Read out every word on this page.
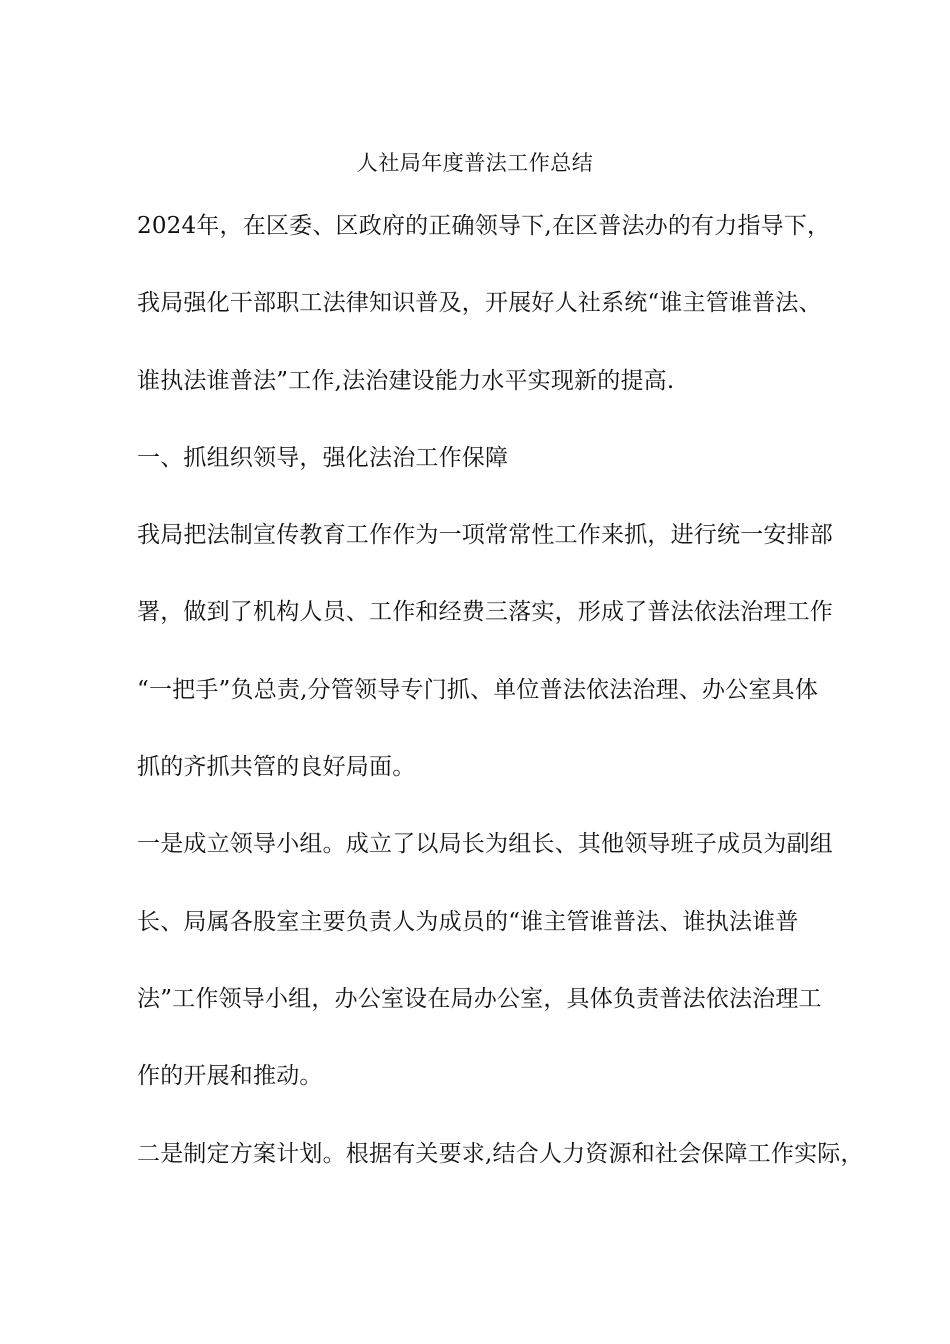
人社局年度普法工作总结

2024年，在区委、区政府的正确领导下,在区普法办的有力指导下，

我局强化干部职工法律知识普及，开展好人社系统“谁主管谁普法、

谁执法谁普法”工作,法治建设能力水平实现新的提高.

一、抓组织领导，强化法治工作保障

我局把法制宣传教育工作作为一项常常性工作来抓，进行统一安排部

署，做到了机构人员、工作和经费三落实，形成了普法依法治理工作

“一把手”负总责,分管领导专门抓、单位普法依法治理、办公室具体

抓的齐抓共管的良好局面。

一是成立领导小组。成立了以局长为组长、其他领导班子成员为副组

长、局属各股室主要负责人为成员的“谁主管谁普法、谁执法谁普

法”工作领导小组，办公室设在局办公室，具体负责普法依法治理工

作的开展和推动。

二是制定方案计划。根据有关要求,结合人力资源和社会保障工作实际，
